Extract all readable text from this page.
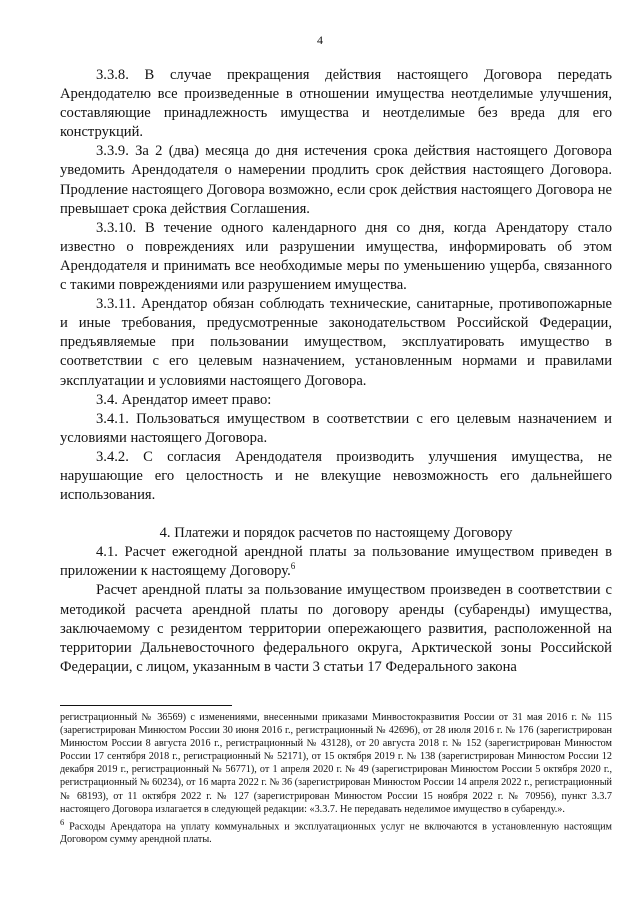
4

3.3.8. В случае прекращения действия настоящего Договора передать Арендодателю все произведенные в отношении имущества неотделимые улучшения, составляющие принадлежность имущества и неотделимые без вреда для его конструкций.

3.3.9. За 2 (два) месяца до дня истечения срока действия настоящего Договора уведомить Арендодателя о намерении продлить срок действия настоящего Договора. Продление настоящего Договора возможно, если срок действия настоящего Договора не превышает срока действия Соглашения.

3.3.10. В течение одного календарного дня со дня, когда Арендатору стало известно о повреждениях или разрушении имущества, информировать об этом Арендодателя и принимать все необходимые меры по уменьшению ущерба, связанного с такими повреждениями или разрушением имущества.

3.3.11. Арендатор обязан соблюдать технические, санитарные, противопожарные и иные требования, предусмотренные законодательством Российской Федерации, предъявляемые при пользовании имуществом, эксплуатировать имущество в соответствии с его целевым назначением, установленным нормами и правилами эксплуатации и условиями настоящего Договора.

3.4. Арендатор имеет право:

3.4.1. Пользоваться имуществом в соответствии с его целевым назначением и условиями настоящего Договора.

3.4.2. С согласия Арендодателя производить улучшения имущества, не нарушающие его целостность и не влекущие невозможность его дальнейшего использования.

4. Платежи и порядок расчетов по настоящему Договору

4.1. Расчет ежегодной арендной платы за пользование имуществом приведен в приложении к настоящему Договору.$^6$

Расчет арендной платы за пользование имуществом произведен в соответствии с методикой расчета арендной платы по договору аренды (субаренды) имущества, заключаемому с резидентом территории опережающего развития, расположенной на территории Дальневосточного федерального округа, Арктической зоны Российской Федерации, с лицом, указанным в части 3 статьи 17 Федерального закона

регистрационный № 36569) с изменениями, внесенными приказами Минвостокразвития России от 31 мая 2016 г. № 115 (зарегистрирован Минюстом России 30 июня 2016 г., регистрационный № 42696), от 28 июля 2016 г. № 176 (зарегистрирован Минюстом России 8 августа 2016 г., регистрационный № 43128), от 20 августа 2018 г. № 152 (зарегистрирован Минюстом России 17 сентября 2018 г., регистрационный № 52171), от 15 октября 2019 г. № 138 (зарегистрирован Минюстом России 12 декабря 2019 г., регистрационный № 56771), от 1 апреля 2020 г. № 49 (зарегистрирован Минюстом России 5 октября 2020 г., регистрационный № 60234), от 16 марта 2022 г. № 36 (зарегистрирован Минюстом России 14 апреля 2022 г., регистрационный № 68193), от 11 октября 2022 г. № 127 (зарегистрирован Минюстом России 15 ноября 2022 г. № 70956), пункт 3.3.7 настоящего Договора излагается в следующей редакции: «3.3.7. Не передавать неделимое имущество в субаренду.».

$^6$ Расходы Арендатора на уплату коммунальных и эксплуатационных услуг не включаются в установленную настоящим Договором сумму арендной платы.
